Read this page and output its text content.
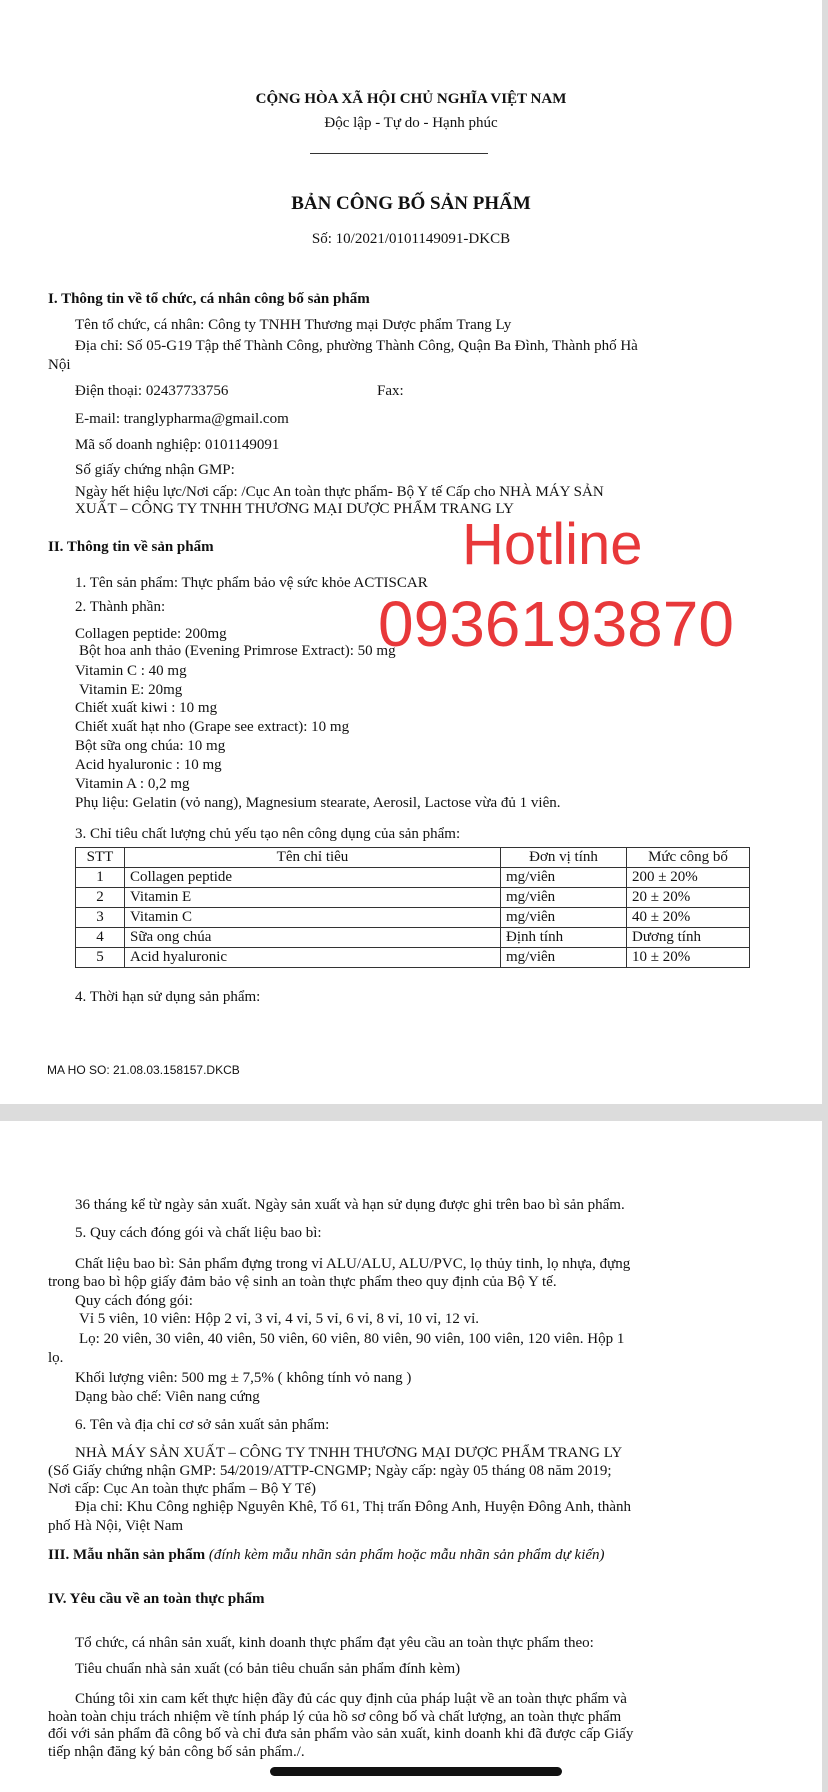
CỘNG HÒA XÃ HỘI CHỦ NGHĨA VIỆT NAM
Độc lập - Tự do - Hạnh phúc
BẢN CÔNG BỐ SẢN PHẨM
Số: 10/2021/0101149091-DKCB
I. Thông tin về tổ chức, cá nhân công bố sản phẩm
Tên tổ chức, cá nhân: Công ty TNHH Thương mại Dược phẩm Trang Ly
Địa chỉ: Số 05-G19 Tập thể Thành Công, phường Thành Công, Quận Ba Đình, Thành phố Hà
Nội
Điện thoại: 02437733756	Fax:
E-mail: tranglypharma@gmail.com
Mã số doanh nghiệp: 0101149091
Số giấy chứng nhận GMP:
Ngày hết hiệu lực/Nơi cấp: /Cục An toàn thực phẩm- Bộ Y tế Cấp cho NHÀ MÁY SẢN
XUẤT – CÔNG TY TNHH THƯƠNG MẠI DƯỢC PHẨM TRANG LY
II. Thông tin về sản phẩm
1. Tên sản phẩm: Thực phẩm bảo vệ sức khỏe ACTISCAR
2. Thành phần:
Collagen peptide: 200mg
Bột hoa anh thảo (Evening Primrose Extract): 50 mg
Vitamin C : 40 mg
Vitamin E: 20mg
Chiết xuất kiwi : 10 mg
Chiết xuất hạt nho (Grape see extract): 10 mg
Bột sữa ong chúa: 10 mg
Acid hyaluronic : 10 mg
Vitamin A : 0,2 mg
Phụ liệu: Gelatin (vỏ nang), Magnesium stearate, Aerosil, Lactose vừa đủ 1 viên.
3. Chỉ tiêu chất lượng chủ yếu tạo nên công dụng của sản phẩm:
STT	Tên chỉ tiêu	Đơn vị tính	Mức công bố
1	Collagen peptide	mg/viên	200 ± 20%
2	Vitamin E	mg/viên	20 ± 20%
3	Vitamin C	mg/viên	40 ± 20%
4	Sữa ong chúa	Định tính	Dương tính
5	Acid hyaluronic	mg/viên	10 ± 20%
4. Thời hạn sử dụng sản phẩm:
MA HO SO: 21.08.03.158157.DKCB
Hotline
0936193870
36 tháng kể từ ngày sản xuất. Ngày sản xuất và hạn sử dụng được ghi trên bao bì sản phẩm.
5. Quy cách đóng gói và chất liệu bao bì:
Chất liệu bao bì: Sản phẩm đựng trong vỉ ALU/ALU, ALU/PVC, lọ thủy tinh, lọ nhựa, đựng
trong bao bì hộp giấy đảm bảo vệ sinh an toàn thực phẩm theo quy định của Bộ Y tế.
Quy cách đóng gói:
Vỉ 5 viên, 10 viên: Hộp 2 vỉ, 3 vỉ, 4 vỉ, 5 vỉ, 6 vỉ, 8 vỉ, 10 vỉ, 12 vỉ.
Lọ: 20 viên, 30 viên, 40 viên, 50 viên, 60 viên, 80 viên, 90 viên, 100 viên, 120 viên. Hộp 1
lọ.
Khối lượng viên: 500 mg ± 7,5% ( không tính vỏ nang )
Dạng bào chế: Viên nang cứng
6. Tên và địa chỉ cơ sở sản xuất sản phẩm:
NHÀ MÁY SẢN XUẤT – CÔNG TY TNHH THƯƠNG MẠI DƯỢC PHẨM TRANG LY
(Số Giấy chứng nhận GMP: 54/2019/ATTP-CNGMP; Ngày cấp: ngày 05 tháng 08 năm 2019;
Nơi cấp: Cục An toàn thực phẩm – Bộ Y Tế)
Địa chỉ: Khu Công nghiệp Nguyên Khê, Tổ 61, Thị trấn Đông Anh, Huyện Đông Anh, thành
phố Hà Nội, Việt Nam
III. Mẫu nhãn sản phẩm (đính kèm mẫu nhãn sản phẩm hoặc mẫu nhãn sản phẩm dự kiến)
IV. Yêu cầu về an toàn thực phẩm
Tổ chức, cá nhân sản xuất, kinh doanh thực phẩm đạt yêu cầu an toàn thực phẩm theo:
Tiêu chuẩn nhà sản xuất (có bản tiêu chuẩn sản phẩm đính kèm)
Chúng tôi xin cam kết thực hiện đầy đủ các quy định của pháp luật về an toàn thực phẩm và
hoàn toàn chịu trách nhiệm về tính pháp lý của hồ sơ công bố và chất lượng, an toàn thực phẩm
đối với sản phẩm đã công bố và chỉ đưa sản phẩm vào sản xuất, kinh doanh khi đã được cấp Giấy
tiếp nhận đăng ký bản công bố sản phẩm./.
